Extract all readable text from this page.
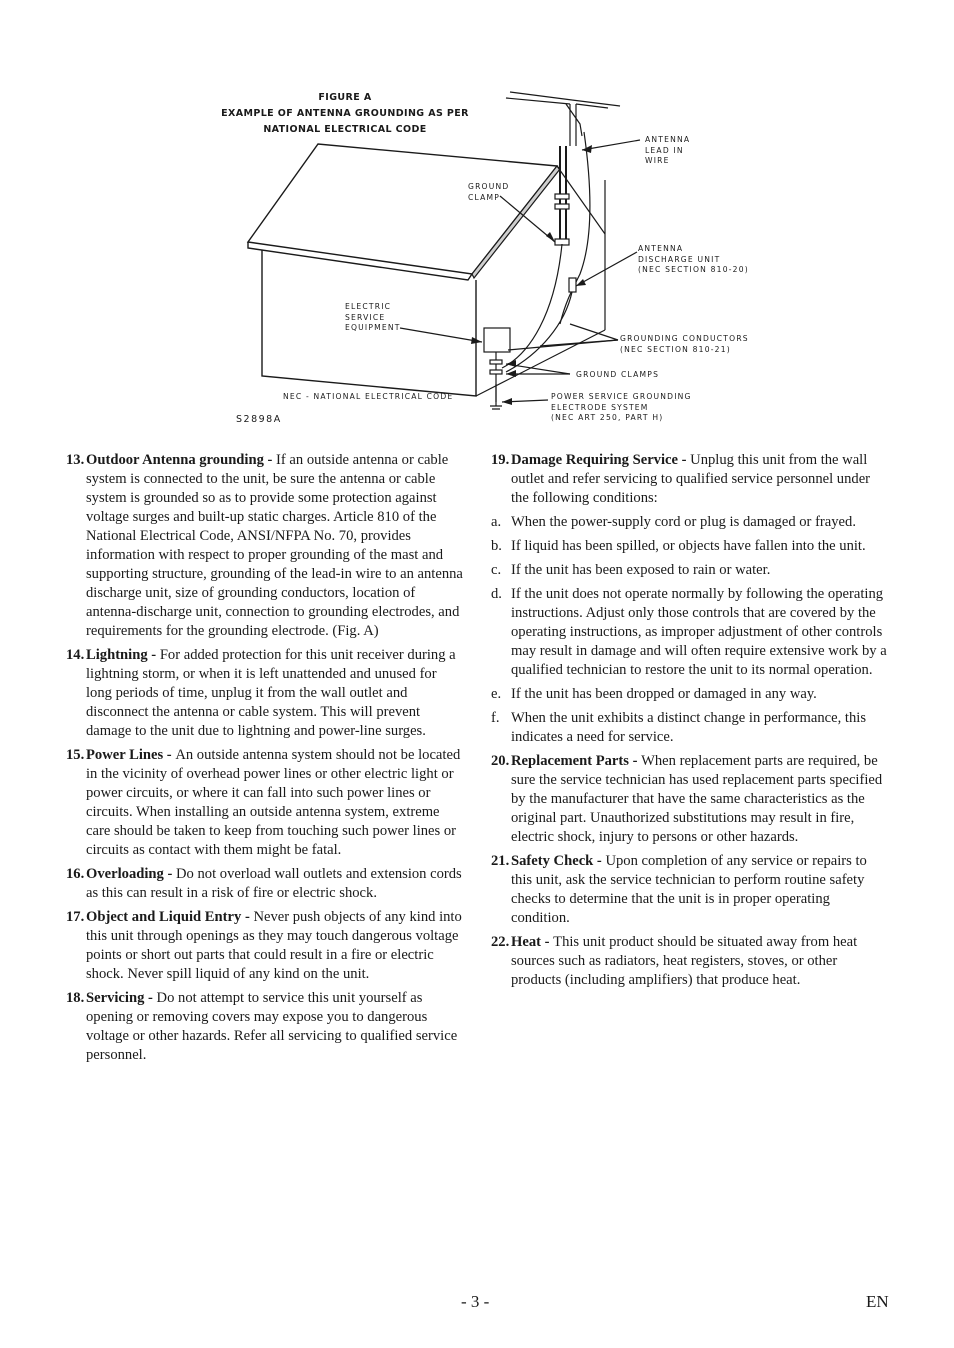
FIGURE A
EXAMPLE OF ANTENNA GROUNDING AS PER
NATIONAL ELECTRICAL CODE
ANTENNA
LEAD IN
WIRE
GROUND
CLAMP
ANTENNA
DISCHARGE UNIT
(NEC SECTION 810-20)
ELECTRIC
SERVICE
EQUIPMENT
GROUNDING CONDUCTORS
(NEC SECTION 810-21)
GROUND CLAMPS
NEC - NATIONAL ELECTRICAL CODE	POWER SERVICE GROUNDING
ELECTRODE SYSTEM
(NEC ART 250, PART H)
S2898A
13. Outdoor Antenna grounding - If an outside antenna or cable system is connected to the unit, be sure the antenna or cable system is grounded so as to provide some protection against voltage surges and built-up static charges. Article 810 of the National Electrical Code, ANSI/NFPA No. 70, provides information with respect to proper grounding of the mast and supporting structure, grounding of the lead-in wire to an antenna discharge unit, size of grounding conductors, location of antenna-discharge unit, connection to grounding electrodes, and requirements for the grounding electrode. (Fig. A)
14. Lightning - For added protection for this unit receiver during a lightning storm, or when it is left unattended and unused for long periods of time, unplug it from the wall outlet and disconnect the antenna or cable system. This will prevent damage to the unit due to lightning and power-line surges.
15. Power Lines - An outside antenna system should not be located in the vicinity of overhead power lines or other electric light or power circuits, or where it can fall into such power lines or circuits. When installing an outside antenna system, extreme care should be taken to keep from touching such power lines or circuits as contact with them might be fatal.
16. Overloading - Do not overload wall outlets and extension cords as this can result in a risk of fire or electric shock.
17. Object and Liquid Entry - Never push objects of any kind into this unit through openings as they may touch dangerous voltage points or short out parts that could result in a fire or electric shock. Never spill liquid of any kind on the unit.
18. Servicing - Do not attempt to service this unit yourself as opening or removing covers may expose you to dangerous voltage or other hazards. Refer all servicing to qualified service personnel.
19. Damage Requiring Service - Unplug this unit from the wall outlet and refer servicing to qualified service personnel under the following conditions:
a. When the power-supply cord or plug is damaged or frayed.
b. If liquid has been spilled, or objects have fallen into the unit.
c. If the unit has been exposed to rain or water.
d. If the unit does not operate normally by following the operating instructions. Adjust only those controls that are covered by the operating instructions, as improper adjustment of other controls may result in damage and will often require extensive work by a qualified technician to restore the unit to its normal operation.
e. If the unit has been dropped or damaged in any way.
f. When the unit exhibits a distinct change in performance, this indicates a need for service.
20. Replacement Parts - When replacement parts are required, be sure the service technician has used replacement parts specified by the manufacturer that have the same characteristics as the original part. Unauthorized substitutions may result in fire, electric shock, injury to persons or other hazards.
21. Safety Check - Upon completion of any service or repairs to this unit, ask the service technician to perform routine safety checks to determine that the unit is in proper operating condition.
22. Heat - This unit product should be situated away from heat sources such as radiators, heat registers, stoves, or other products (including amplifiers) that produce heat.
- 3 -	EN
